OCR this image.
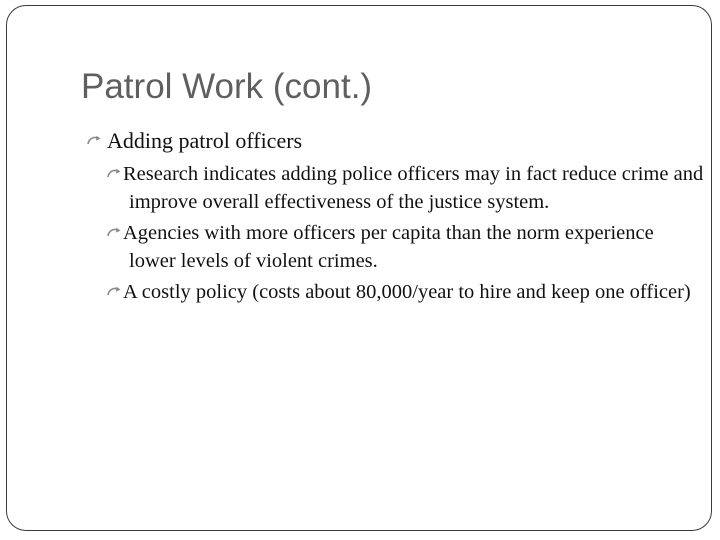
Patrol Work (cont.)
Adding patrol officers
Research indicates adding police officers may in fact reduce crime and improve overall effectiveness of the justice system.
Agencies with more officers per capita than the norm experience lower levels of violent crimes.
A costly policy (costs about 80,000/year to hire and keep one officer)
